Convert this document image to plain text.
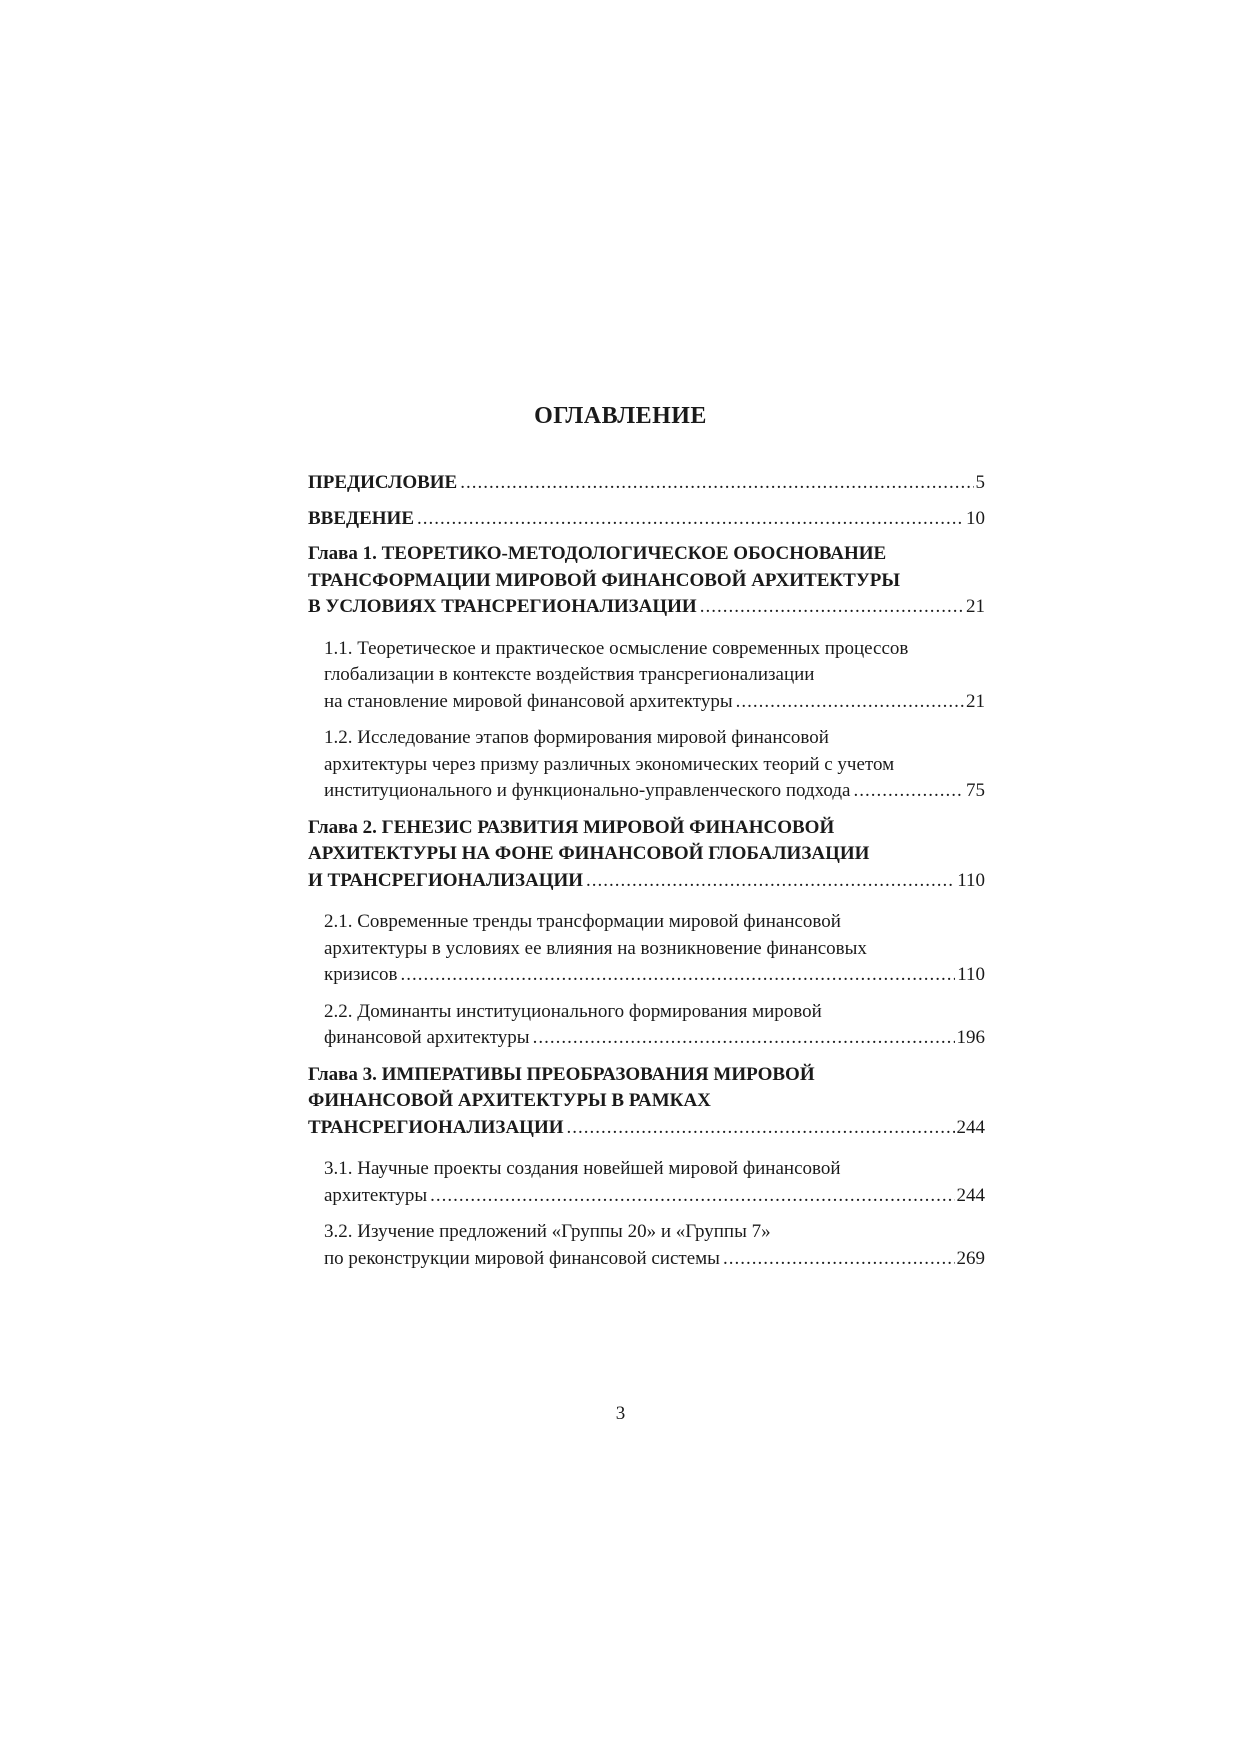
ОГЛАВЛЕНИЕ
ПРЕДИСЛОВИЕ .....	5
ВВЕДЕНИЕ .....	10
Глава 1. ТЕОРЕТИКО-МЕТОДОЛОГИЧЕСКОЕ ОБОСНОВАНИЕ
ТРАНСФОРМАЦИИ МИРОВОЙ ФИНАНСОВОЙ АРХИТЕКТУРЫ
В УСЛОВИЯХ ТРАНСРЕГИОНАЛИЗАЦИИ .....	21
1.1. Теоретическое и практическое осмысление современных процессов
глобализации в контексте воздействия трансрегионализации
на становление мировой финансовой архитектуры .....	21
1.2. Исследование этапов формирования мировой финансовой
архитектуры через призму различных экономических теорий с учетом
институционального и функционально-управленческого подхода .....	75
Глава 2. ГЕНЕЗИС РАЗВИТИЯ МИРОВОЙ ФИНАНСОВОЙ
АРХИТЕКТУРЫ НА ФОНЕ ФИНАНСОВОЙ ГЛОБАЛИЗАЦИИ
И ТРАНСРЕГИОНАЛИЗАЦИИ .....	110
2.1. Современные тренды трансформации мировой финансовой
архитектуры в условиях ее влияния на возникновение финансовых
кризисов .....	110
2.2. Доминанты институционального формирования мировой
финансовой архитектуры .....	196
Глава 3. ИМПЕРАТИВЫ ПРЕОБРАЗОВАНИЯ МИРОВОЙ
ФИНАНСОВОЙ АРХИТЕКТУРЫ В РАМКАХ
ТРАНСРЕГИОНАЛИЗАЦИИ .....	244
3.1. Научные проекты создания новейшей мировой финансовой
архитектуры .....	244
3.2. Изучение предложений «Группы 20» и «Группы 7»
по реконструкции мировой финансовой системы .....	269
3
